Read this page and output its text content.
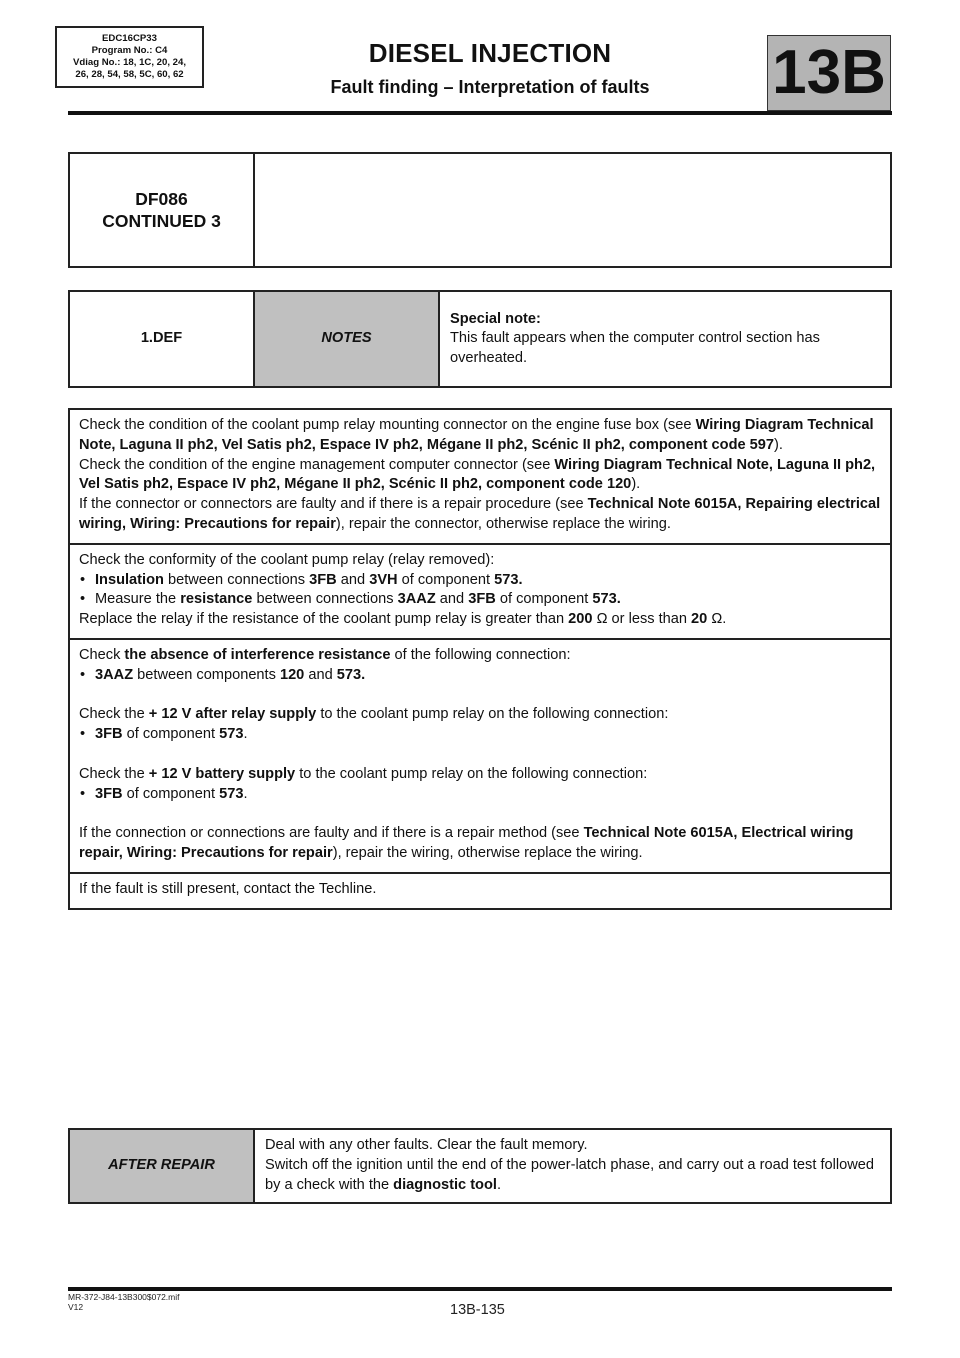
EDC16CP33
Program No.: C4
Vdiag No.: 18, 1C, 20, 24,
26, 28, 54, 58, 5C, 60, 62
DIESEL INJECTION
Fault finding – Interpretation of faults	13B
DF086
CONTINUED 3

1.DEF	NOTES	
Special note:
This fault appears when the computer control section has overheated.
Check the condition of the coolant pump relay mounting connector on the engine fuse box (see Wiring Diagram Technical Note, Laguna II ph2, Vel Satis ph2, Espace IV ph2, Mégane II ph2, Scénic II ph2, component code 597).
Check the condition of the engine management computer connector (see Wiring Diagram Technical Note, Laguna II ph2, Vel Satis ph2, Espace IV ph2, Mégane II ph2, Scénic II ph2, component code 120).
If the connector or connectors are faulty and if there is a repair procedure (see Technical Note 6015A, Repairing electrical wiring, Wiring: Precautions for repair), repair the connector, otherwise replace the wiring.

Check the conformity of the coolant pump relay (relay removed):
• Insulation between connections 3FB and 3VH of component 573.
• Measure the resistance between connections 3AAZ and 3FB of component 573.
Replace the relay if the resistance of the coolant pump relay is greater than 200 Ω or less than 20 Ω.

Check the absence of interference resistance of the following connection:
• 3AAZ between components 120 and 573.
Check the + 12 V after relay supply to the coolant pump relay on the following connection:
• 3FB of component 573.
Check the + 12 V battery supply to the coolant pump relay on the following connection:
• 3FB of component 573.
If the connection or connections are faulty and if there is a repair method (see Technical Note 6015A, Electrical wiring repair, Wiring: Precautions for repair), repair the wiring, otherwise replace the wiring.

If the fault is still present, contact the Techline.
AFTER REPAIR	
Deal with any other faults. Clear the fault memory.
Switch off the ignition until the end of the power-latch phase, and carry out a road test followed by a check with the diagnostic tool.
MR-372-J84-13B300$072.mif
V12	13B-135
